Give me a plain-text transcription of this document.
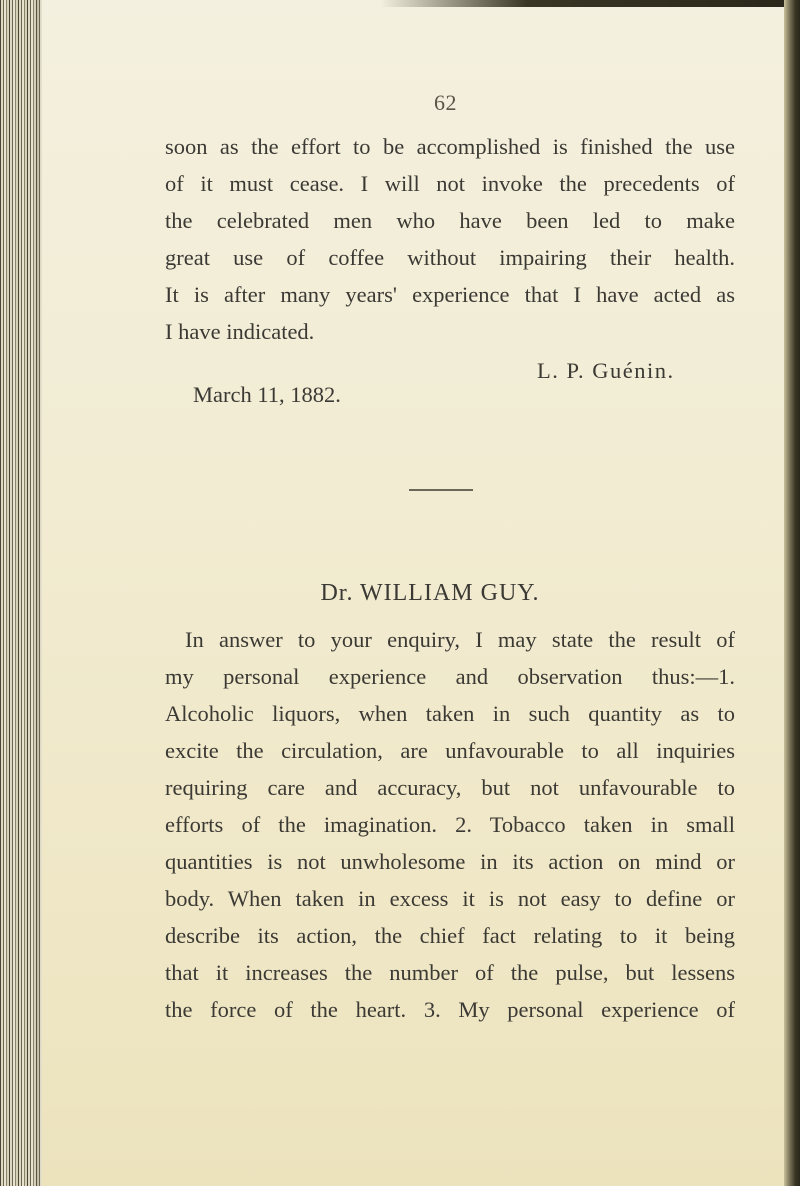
62
soon as the effort to be accomplished is finished the use
of it must cease. I will not invoke the precedents of
the celebrated men who have been led to make
great use of coffee without impairing their health.
It is after many years' experience that I have acted as
I have indicated.
L. P. Guénin.
March 11, 1882.
Dr. WILLIAM GUY.
In answer to your enquiry, I may state the result of
my personal experience and observation thus:—1.
Alcoholic liquors, when taken in such quantity as to
excite the circulation, are unfavourable to all inquiries
requiring care and accuracy, but not unfavourable to
efforts of the imagination. 2. Tobacco taken in small
quantities is not unwholesome in its action on mind or
body. When taken in excess it is not easy to define or
describe its action, the chief fact relating to it being
that it increases the number of the pulse, but lessens
the force of the heart. 3. My personal experience of
